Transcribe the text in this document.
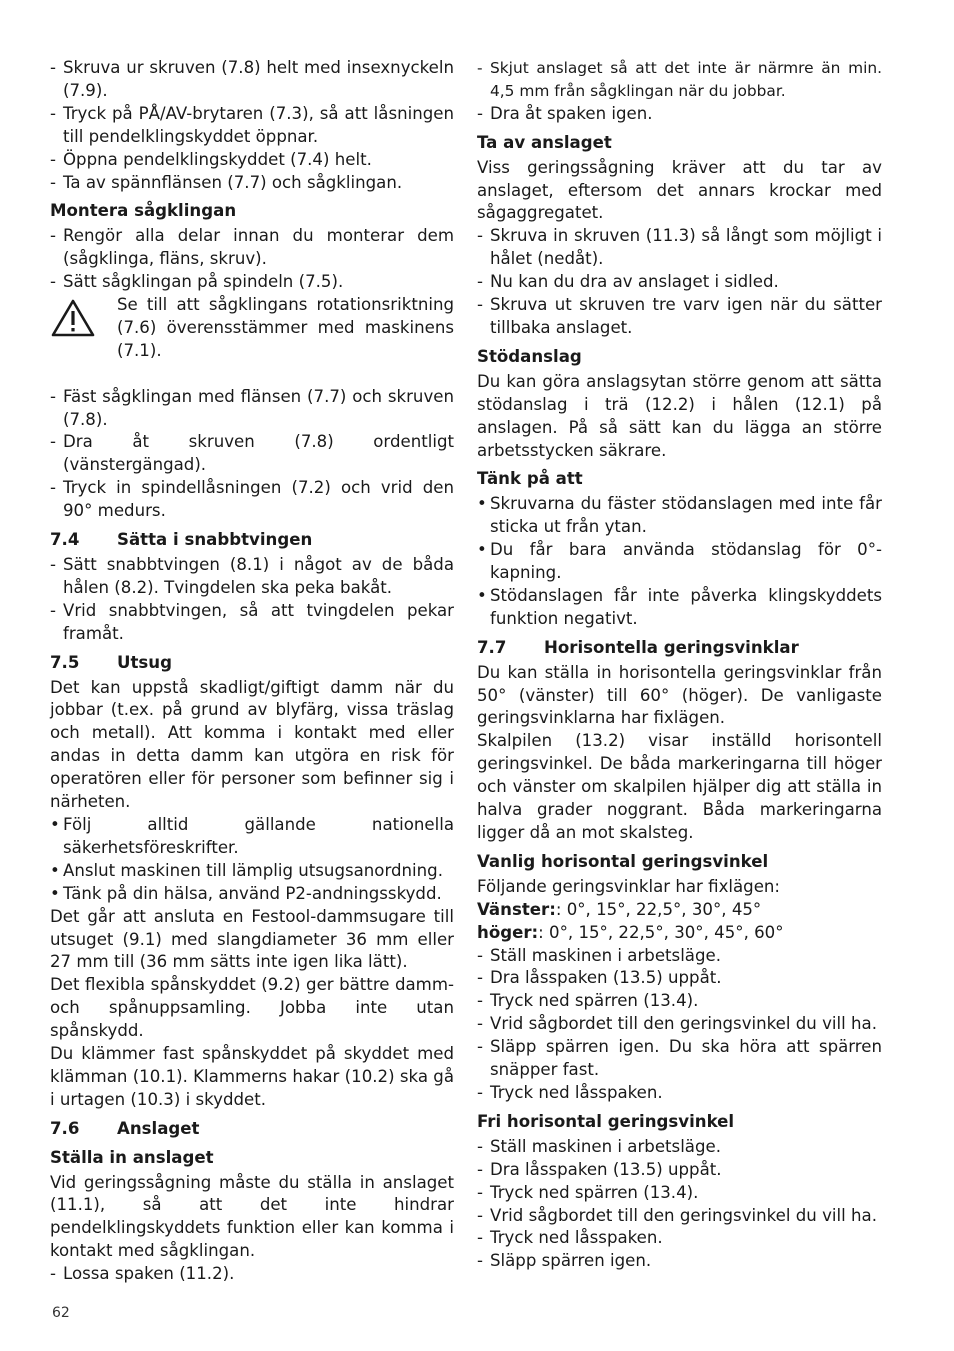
- Skruva ur skruven (7.8) helt med insexnyckeln (7.9).
- Tryck på PÅ/AV-brytaren (7.3), så att låsningen till pendelklingskyddet öppnar.
- Öppna pendelklingskyddet (7.4) helt.
- Ta av spännflänsen (7.7) och sågklingan.
Montera sågklingan
- Rengör alla delar innan du monterar dem (sågklinga, fläns, skruv).
- Sätt sågklingan på spindeln (7.5).
Se till att sågklingans rotationsriktning (7.6) överensstämmer med maskinens (7.1).
- Fäst sågklingan med flänsen (7.7) och skruven (7.8).
- Dra åt skruven (7.8) ordentligt (vänstergängad).
- Tryck in spindellåsningen (7.2) och vrid den 90° medurs.
7.4	Sätta i snabbtvingen
- Sätt snabbtvingen (8.1) i något av de båda hålen (8.2). Tvingdelen ska peka bakåt.
- Vrid snabbtvingen, så att tvingdelen pekar framåt.
7.5	Utsug

Det kan uppstå skadligt/giftigt damm när du jobbar (t.ex. på grund av blyfärg, vissa träslag och metall). Att komma i kontakt med eller andas in detta damm kan utgöra en risk för operatören eller för personer som befinner sig i närheten.

• Följ alltid gällande nationella säkerhetsföreskrifter.
• Anslut maskinen till lämplig utsugsanordning.
• Tänk på din hälsa, använd P2-andningsskydd.

Det går att ansluta en Festool-dammsugare till utsuget (9.1) med slangdiameter 36 mm eller 27 mm till (36 mm sätts inte igen lika lätt).

Det flexibla spånskyddet (9.2) ger bättre damm- och spånuppsamling. Jobba inte utan spånskydd.

Du klämmer fast spånskyddet på skyddet med klämman (10.1). Klammerns hakar (10.2) ska gå i urtagen (10.3) i skyddet.

7.6	Anslaget
Ställa in anslaget

Vid geringssågning måste du ställa in anslaget (11.1), så att det inte hindrar pendelklingskyddets funktion eller kan komma i kontakt med sågklingan.

- Lossa spaken (11.2).
- Skjut anslaget så att det inte är närmre än min. 4,5 mm från sågklingan när du jobbar.
- Dra åt spaken igen.
Ta av anslaget

Viss geringssågning kräver att du tar av anslaget, eftersom det annars krockar med sågaggregatet.

- Skruva in skruven (11.3) så långt som möjligt i hålet (nedåt).
- Nu kan du dra av anslaget i sidled.
- Skruva ut skruven tre varv igen när du sätter tillbaka anslaget.
Stödanslag

Du kan göra anslagsytan större genom att sätta stödanslag i trä (12.2) i hålen (12.1) på anslagen. På så sätt kan du lägga an större arbetsstycken säkrare.

Tänk på att
• Skruvarna du fäster stödanslagen med inte får sticka ut från ytan.
• Du får bara använda stödanslag för 0°-kapning.
• Stödanslagen får inte påverka klingskyddets funktion negativt.
7.7	Horisontella geringsvinklar

Du kan ställa in horisontella geringsvinklar från 50° (vänster) till 60° (höger). De vanligaste geringsvinklarna har fixlägen.

Skalpilen (13.2) visar inställd horisontell geringsvinkel. De båda markeringarna till höger och vänster om skalpilen hjälper dig att ställa in halva grader noggrant. Båda markeringarna ligger då an mot skalsteg.

Vanlig horisontal geringsvinkel

Följande geringsvinklar har fixlägen:

Vänster:: 0°, 15°, 22,5°, 30°, 45°

höger:: 0°, 15°, 22,5°, 30°, 45°, 60°

- Ställ maskinen i arbetsläge.
- Dra låsspaken (13.5) uppåt.
- Tryck ned spärren (13.4).
- Vrid sågbordet till den geringsvinkel du vill ha.
- Släpp spärren igen. Du ska höra att spärren snäpper fast.
- Tryck ned låsspaken.
Fri horisontal geringsvinkel
- Ställ maskinen i arbetsläge.
- Dra låsspaken (13.5) uppåt.
- Tryck ned spärren (13.4).
- Vrid sågbordet till den geringsvinkel du vill ha.
- Tryck ned låsspaken.
- Släpp spärren igen.
62
